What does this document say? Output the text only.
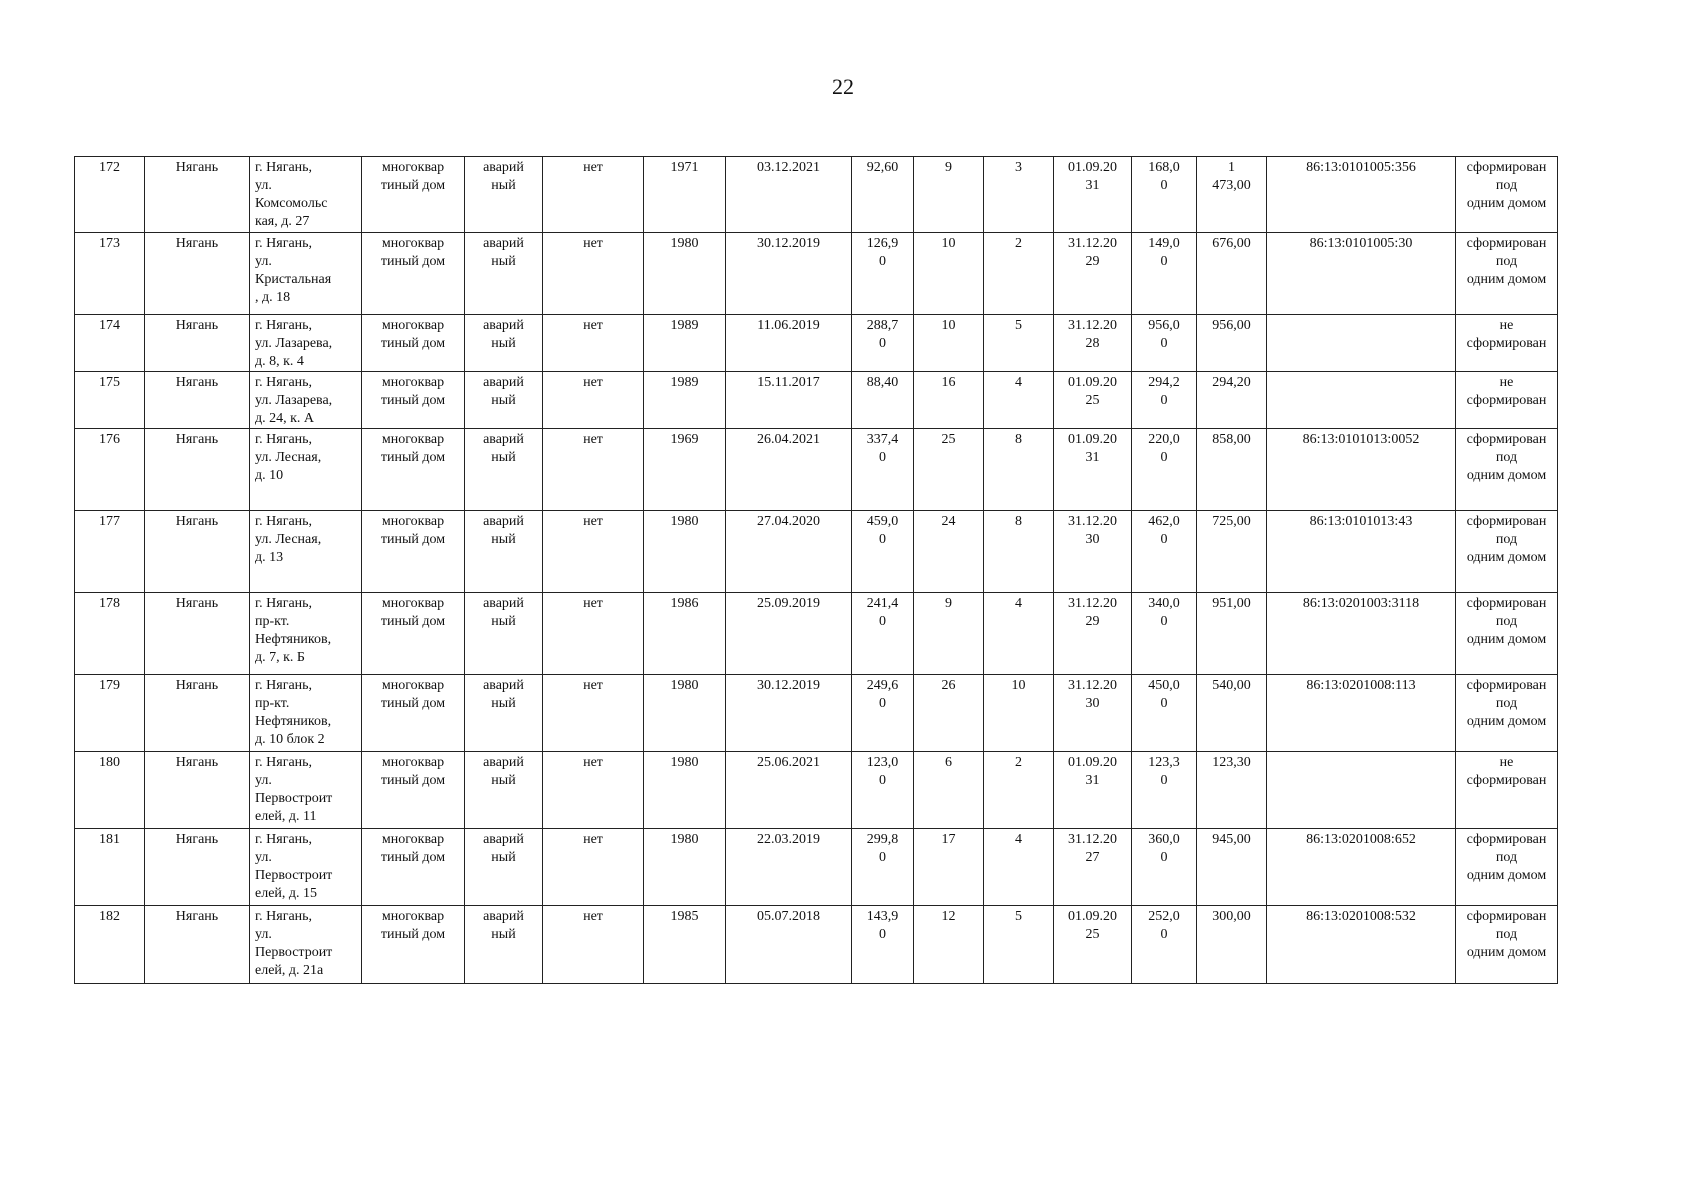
22
172	Нягань	г. Нягань,
ул.
Комсомольс
кая, д. 27	многоквар
тиный дом	аварий
ный	нет	1971	03.12.2021	92,60	9	3	01.09.20
31	168,0
0	1
473,00	86:13:0101005:356	сформирован под
одним домом

173	Нягань	г. Нягань,
ул.
Кристальная
, д. 18	многоквар
тиный дом	аварий
ный	нет	1980	30.12.2019	126,9
0	10	2	31.12.20
29	149,0
0	676,00	86:13:0101005:30	сформирован под
одним домом

174	Нягань	г. Нягань,
ул. Лазарева,
д. 8, к. 4	многоквар
тиный дом	аварий
ный	нет	1989	11.06.2019	288,7
0	10	5	31.12.20
28	956,0
0	956,00		не сформирован

175	Нягань	г. Нягань,
ул. Лазарева,
д. 24, к. А	многоквар
тиный дом	аварий
ный	нет	1989	15.11.2017	88,40	16	4	01.09.20
25	294,2
0	294,20		не сформирован

176	Нягань	г. Нягань,
ул. Лесная,
д. 10	многоквар
тиный дом	аварий
ный	нет	1969	26.04.2021	337,4
0	25	8	01.09.20
31	220,0
0	858,00	86:13:0101013:0052	сформирован под
одним домом

177	Нягань	г. Нягань,
ул. Лесная,
д. 13	многоквар
тиный дом	аварий
ный	нет	1980	27.04.2020	459,0
0	24	8	31.12.20
30	462,0
0	725,00	86:13:0101013:43	сформирован под
одним домом

178	Нягань	г. Нягань,
пр-кт.
Нефтяников,
д. 7, к. Б	многоквар
тиный дом	аварий
ный	нет	1986	25.09.2019	241,4
0	9	4	31.12.20
29	340,0
0	951,00	86:13:0201003:3118	сформирован под
одним домом

179	Нягань	г. Нягань,
пр-кт.
Нефтяников,
д. 10 блок 2	многоквар
тиный дом	аварий
ный	нет	1980	30.12.2019	249,6
0	26	10	31.12.20
30	450,0
0	540,00	86:13:0201008:113	сформирован под
одним домом

180	Нягань	г. Нягань,
ул.
Первостроит
елей, д. 11	многоквар
тиный дом	аварий
ный	нет	1980	25.06.2021	123,0
0	6	2	01.09.20
31	123,3
0	123,30		не сформирован

181	Нягань	г. Нягань,
ул.
Первостроит
елей, д. 15	многоквар
тиный дом	аварий
ный	нет	1980	22.03.2019	299,8
0	17	4	31.12.20
27	360,0
0	945,00	86:13:0201008:652	сформирован под
одним домом

182	Нягань	г. Нягань,
ул.
Первостроит
елей, д. 21а	многоквар
тиный дом	аварий
ный	нет	1985	05.07.2018	143,9
0	12	5	01.09.20
25	252,0
0	300,00	86:13:0201008:532	сформирован под
одним домом
